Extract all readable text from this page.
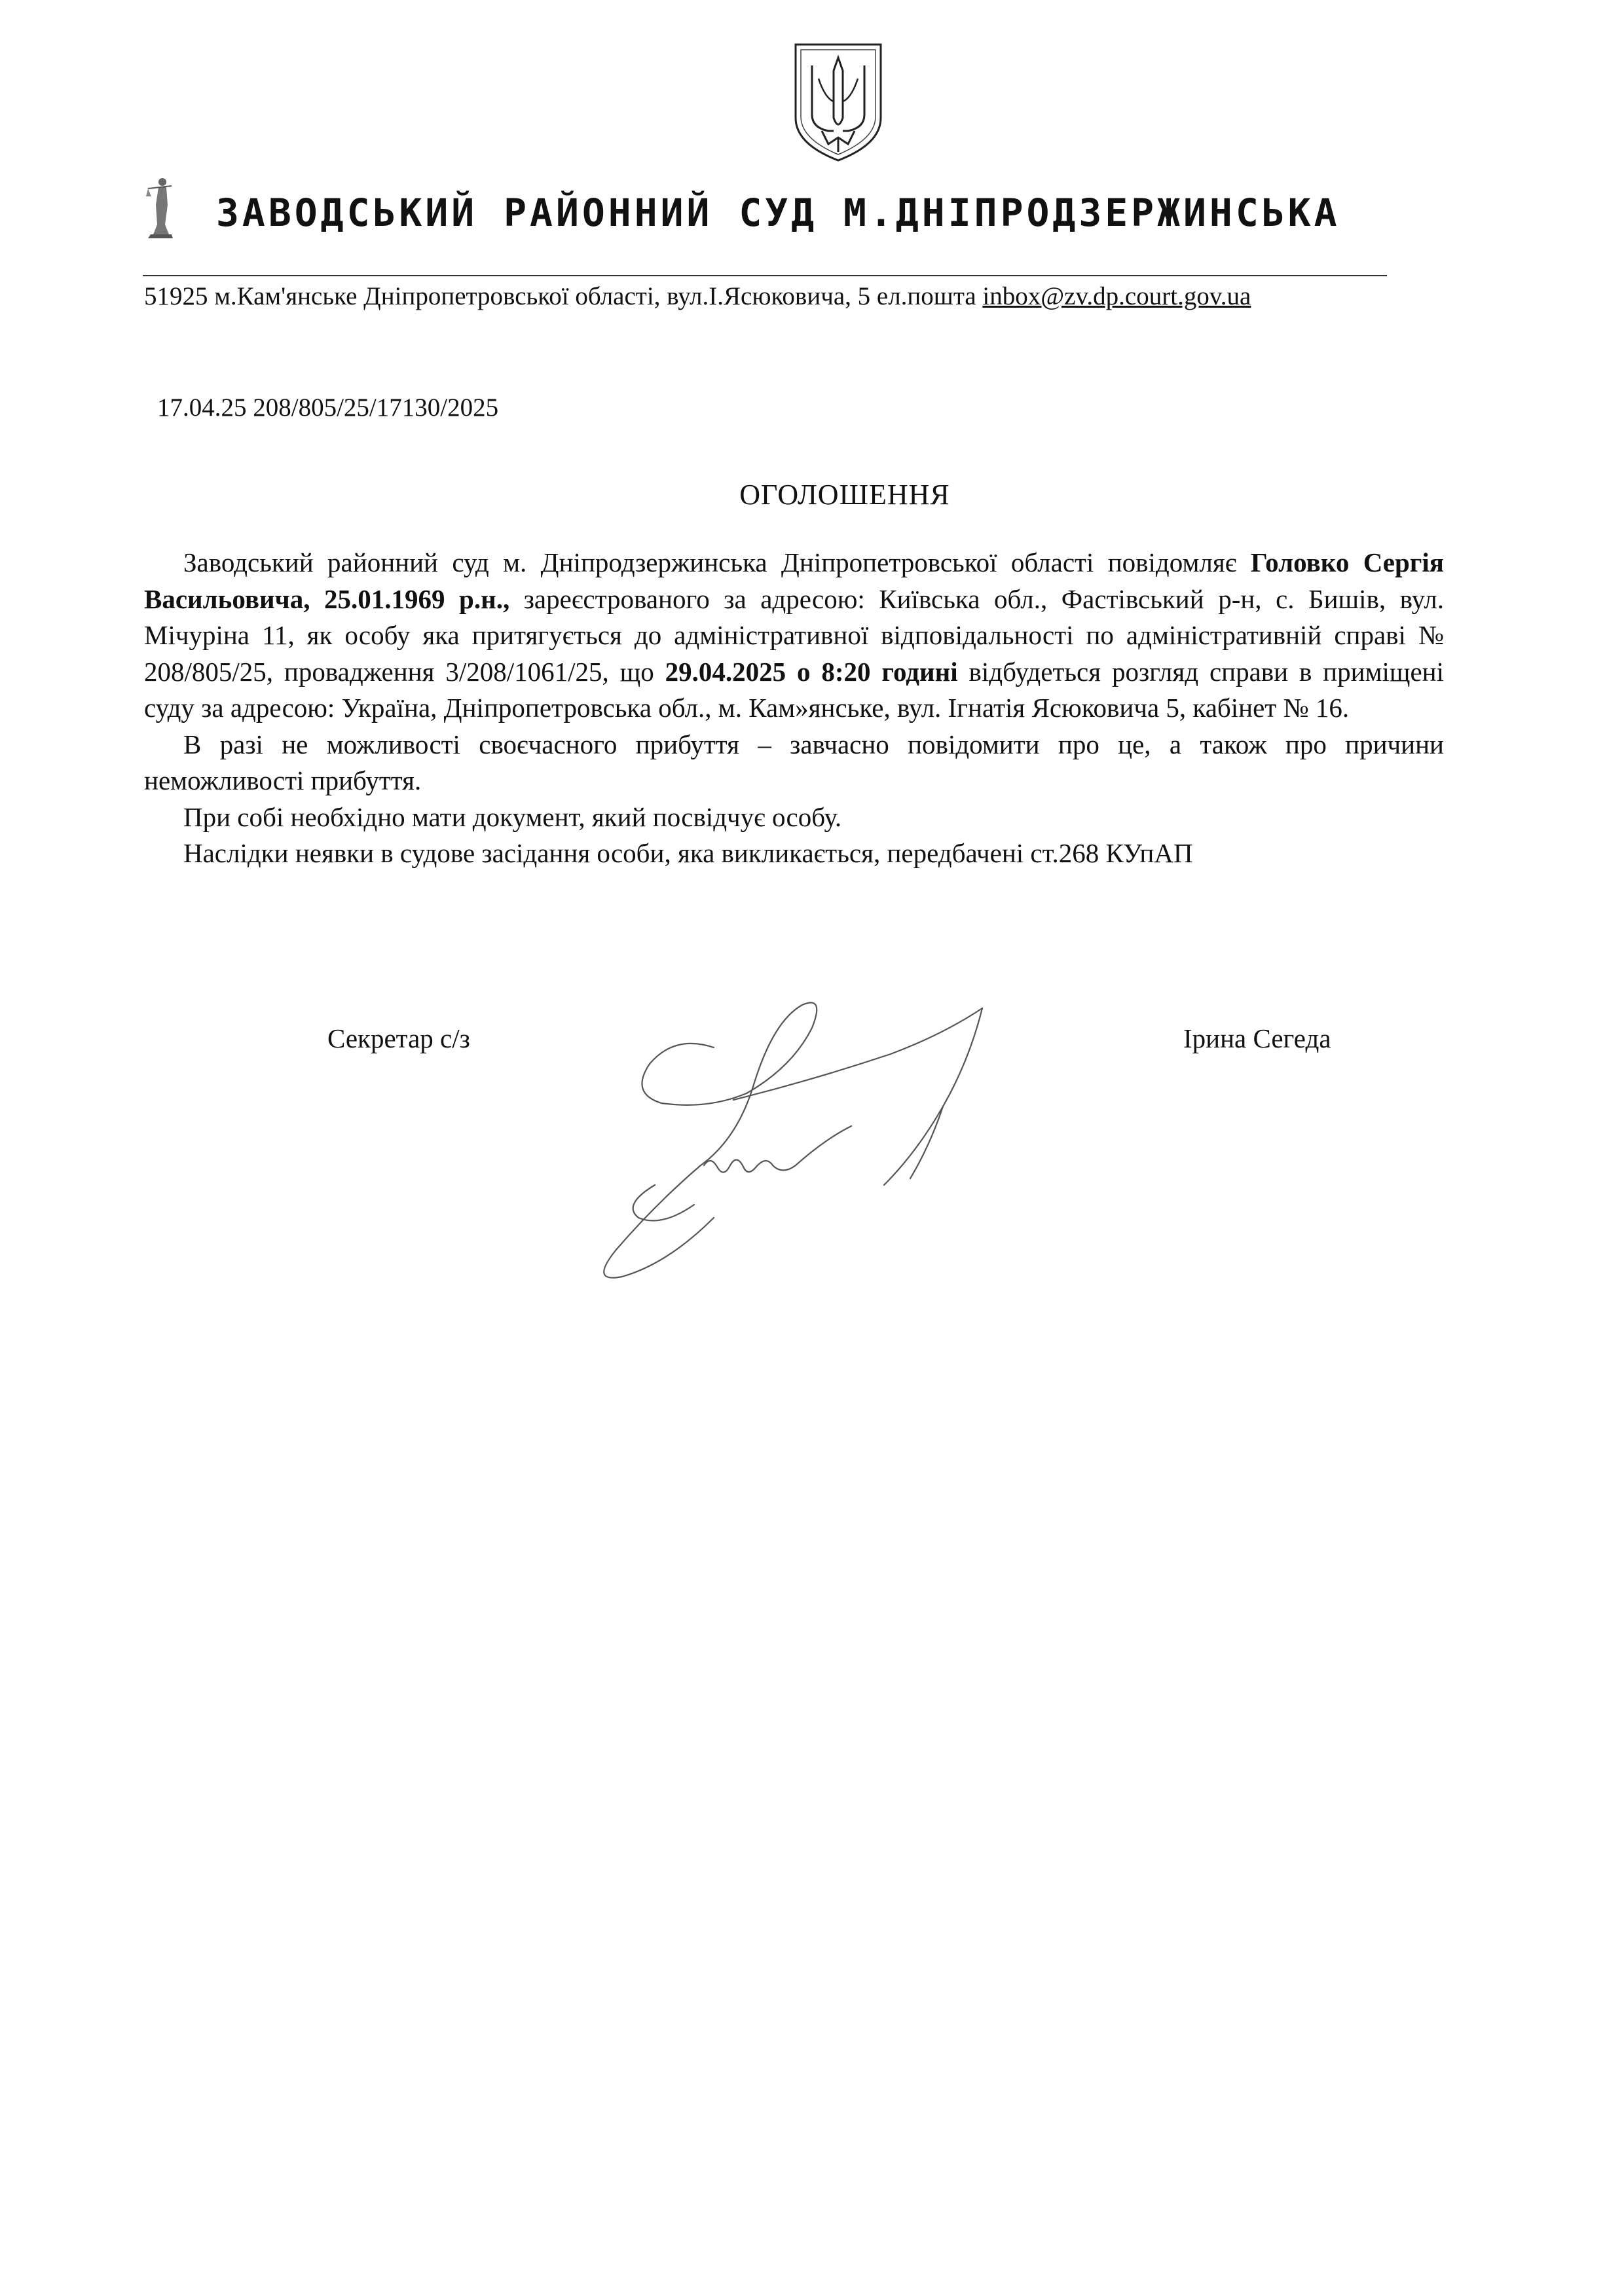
ЗАВОДСЬКИЙ РАЙОННИЙ СУД М.ДНІПРОДЗЕРЖИНСЬКА
51925 м.Кам'янське Дніпропетровської області, вул.І.Ясюковича, 5 ел.пошта inbox@zv.dp.court.gov.ua
17.04.25 208/805/25/17130/2025
ОГОЛОШЕННЯ

Заводський районний суд м. Дніпродзержинська Дніпропетровської області повідомляє Головко Сергія Васильовича, 25.01.1969 р.н., зареєстрованого за адресою: Київська обл., Фастівський р-н, с. Бишів, вул. Мічуріна 11, як особу яка притягується до адміністративної відповідальності по адміністративній справі № 208/805/25, провадження 3/208/1061/25, що 29.04.2025 о 8:20 годині відбудеться розгляд справи в приміщені суду за адресою: Україна, Дніпропетровська обл., м. Кам»янське, вул. Ігнатія Ясюковича 5, кабінет № 16.

В разі не можливості своєчасного прибуття – завчасно повідомити про це, а також про причини неможливості прибуття.

При собі необхідно мати документ, який посвідчує особу.

Наслідки неявки в судове засідання особи, яка викликається, передбачені ст.268 КУпАП

Секретар с/з	Ірина Сегеда
